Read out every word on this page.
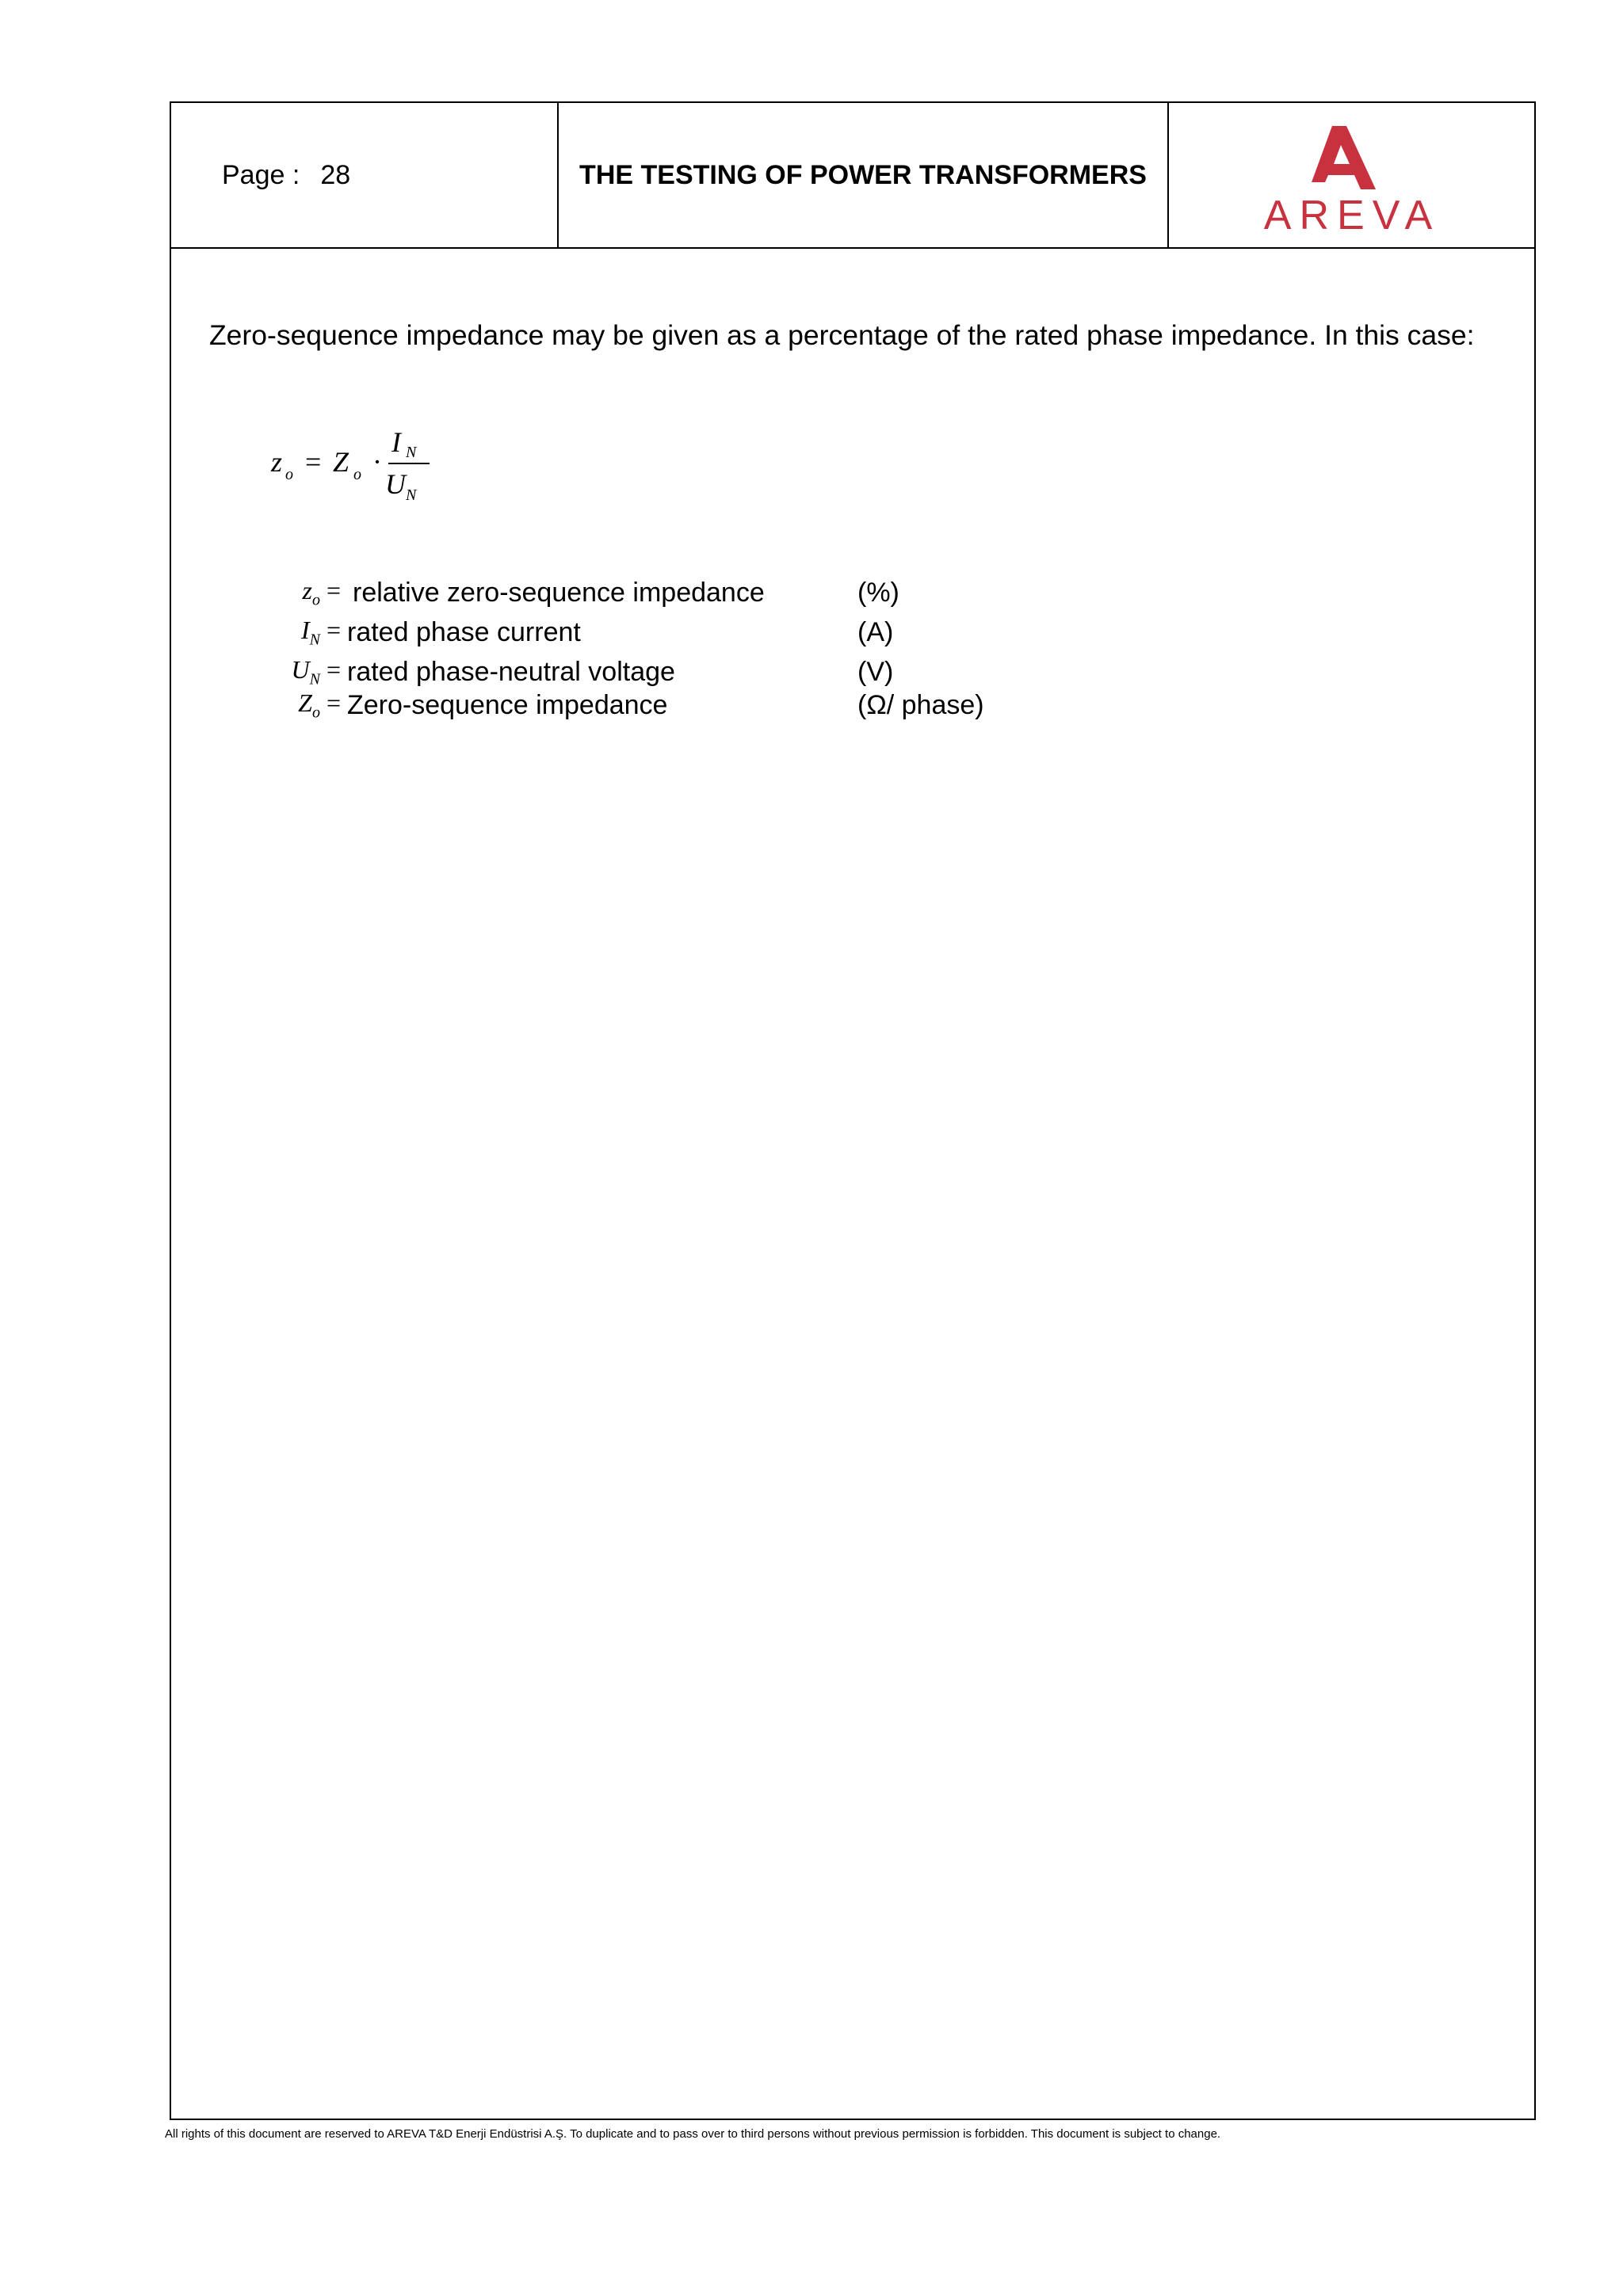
Page : 28	THE TESTING OF POWER TRANSFORMERS
AREVA
Zero-sequence impedance may be given as a percentage of the rated phase impedance. In this case:
z o = Z o ·
I N
U N
$z_o$ = relative zero-sequence impedance	(%)
$I_N$ = rated phase current	(A)
$U_N$ = rated phase-neutral voltage	(V)
$Z_o$ = Zero-sequence impedance	(Ω/ phase)
All rights of this document are reserved to AREVA T&D Enerji Endüstrisi A.Ş. To duplicate and to pass over to third persons without previous permission is forbidden. This document is subject to change.
